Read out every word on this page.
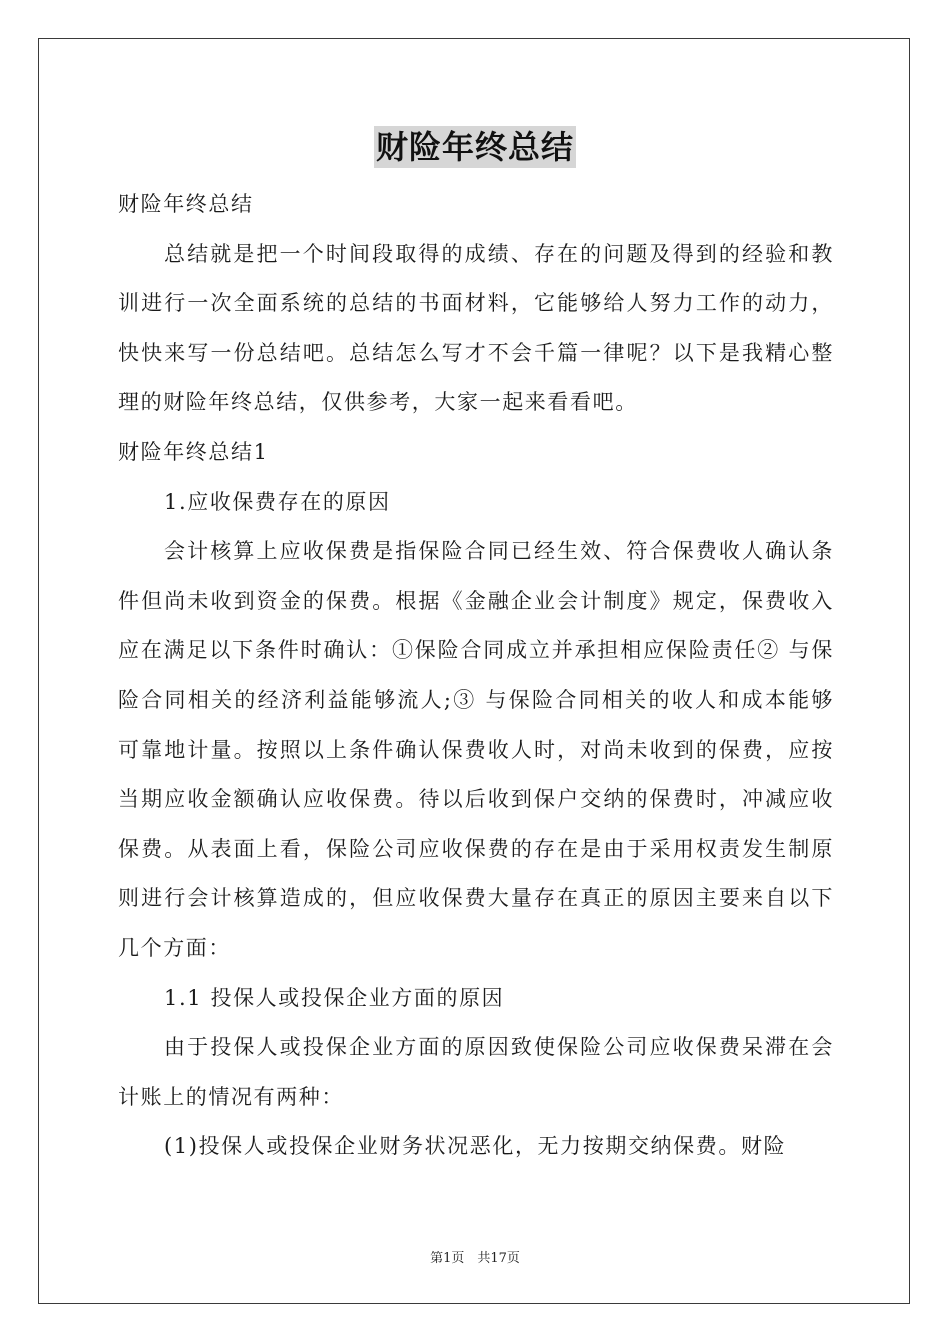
财险年终总结

财险年终总结

总结就是把一个时间段取得的成绩、存在的问题及得到的经验和教训进行一次全面系统的总结的书面材料，它能够给人努力工作的动力，快快来写一份总结吧。总结怎么写才不会千篇一律呢？以下是我精心整理的财险年终总结，仅供参考，大家一起来看看吧。

财险年终总结1

1.应收保费存在的原因

会计核算上应收保费是指保险合同已经生效、符合保费收人确认条件但尚未收到资金的保费。根据《金融企业会计制度》规定，保费收入应在满足以下条件时确认：①保险合同成立并承担相应保险责任② 与保险合同相关的经济利益能够流人;③ 与保险合同相关的收人和成本能够可靠地计量。按照以上条件确认保费收人时，对尚未收到的保费，应按当期应收金额确认应收保费。待以后收到保户交纳的保费时，冲减应收保费。从表面上看，保险公司应收保费的存在是由于采用权责发生制原则进行会计核算造成的，但应收保费大量存在真正的原因主要来自以下几个方面：

1.1 投保人或投保企业方面的原因

由于投保人或投保企业方面的原因致使保险公司应收保费呆滞在会计账上的情况有两种：

(1)投保人或投保企业财务状况恶化，无力按期交纳保费。财险

第1页　共17页
